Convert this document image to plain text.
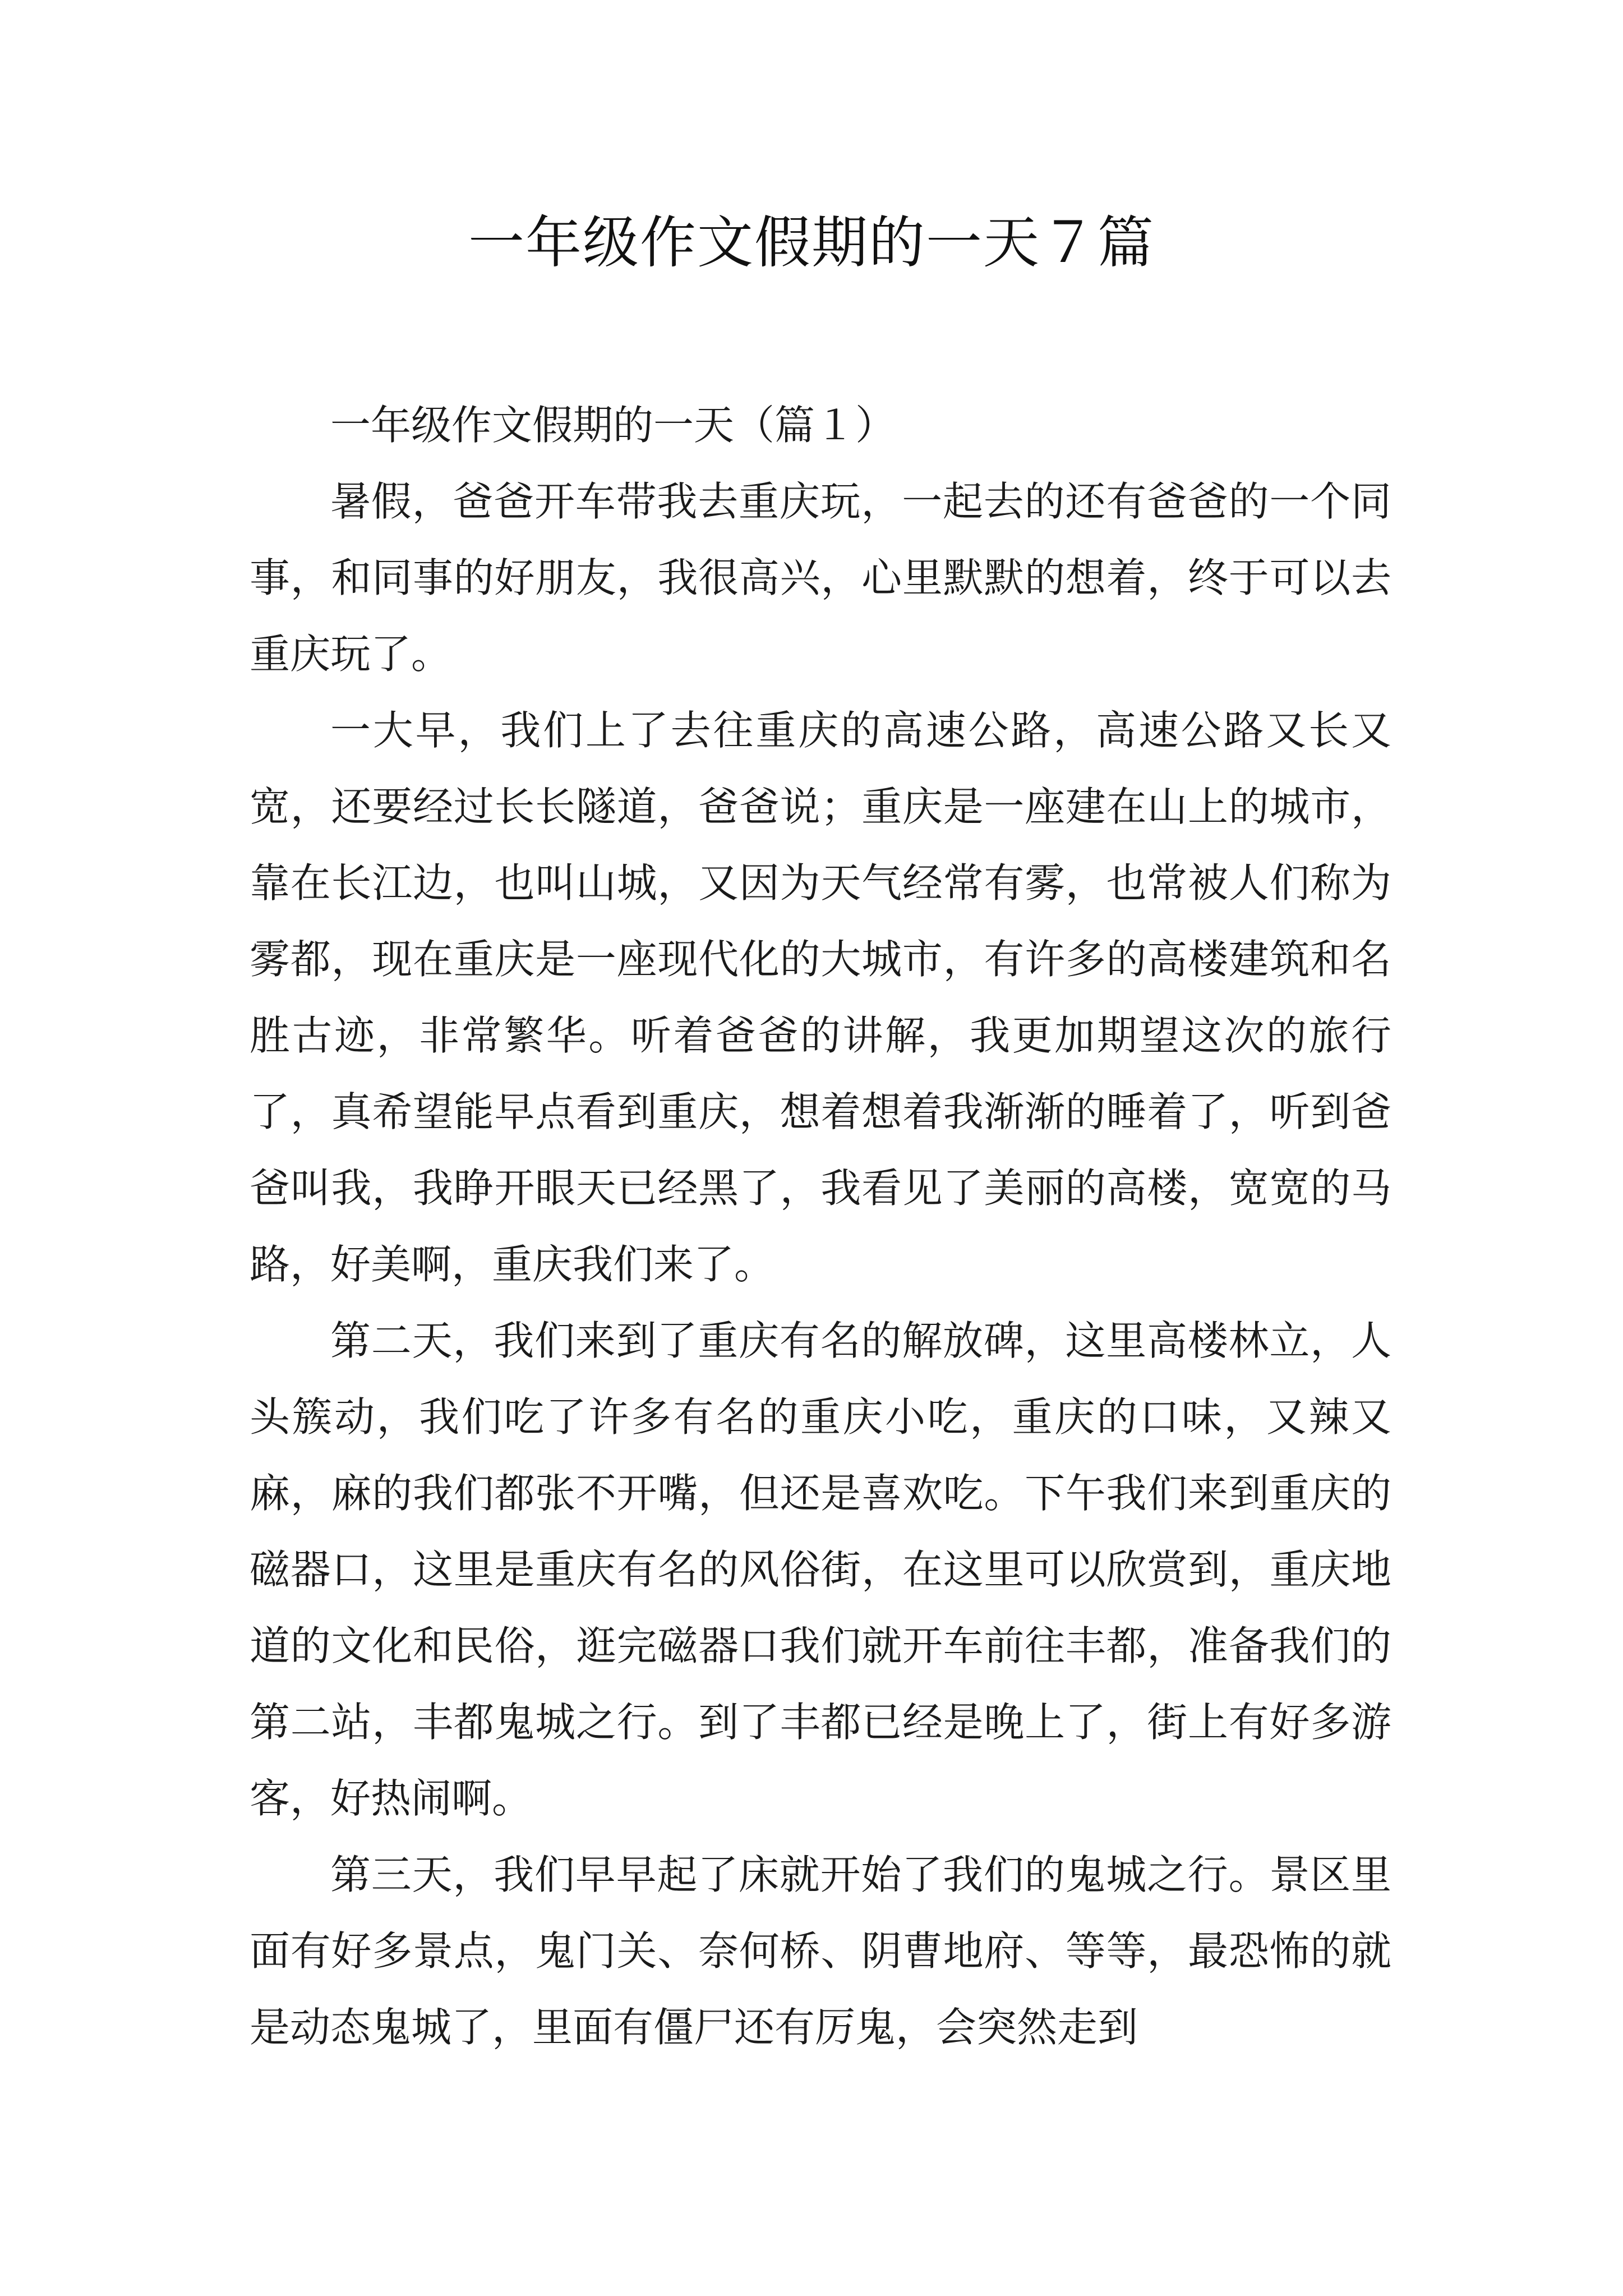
一年级作文假期的一天７篇

一年级作文假期的一天（篇１）

暑假，爸爸开车带我去重庆玩，一起去的还有爸爸的一个同事，和同事的好朋友，我很高兴，心里默默的想着，终于可以去重庆玩了。

一大早，我们上了去往重庆的高速公路，高速公路又长又宽，还要经过长长隧道，爸爸说；重庆是一座建在山上的城市，靠在长江边，也叫山城，又因为天气经常有雾，也常被人们称为雾都，现在重庆是一座现代化的大城市，有许多的高楼建筑和名胜古迹，非常繁华。听着爸爸的讲解，我更加期望这次的旅行了，真希望能早点看到重庆，想着想着我渐渐的睡着了，听到爸爸叫我，我睁开眼天已经黑了，我看见了美丽的高楼，宽宽的马路，好美啊，重庆我们来了。

第二天，我们来到了重庆有名的解放碑，这里高楼林立，人头簇动，我们吃了许多有名的重庆小吃，重庆的口味，又辣又麻，麻的我们都张不开嘴，但还是喜欢吃。下午我们来到重庆的磁器口，这里是重庆有名的风俗街，在这里可以欣赏到，重庆地道的文化和民俗，逛完磁器口我们就开车前往丰都，准备我们的第二站，丰都鬼城之行。到了丰都已经是晚上了，街上有好多游客，好热闹啊。

第三天，我们早早起了床就开始了我们的鬼城之行。景区里面有好多景点，鬼门关、奈何桥、阴曹地府、等等，最恐怖的就是动态鬼城了，里面有僵尸还有厉鬼，会突然走到
